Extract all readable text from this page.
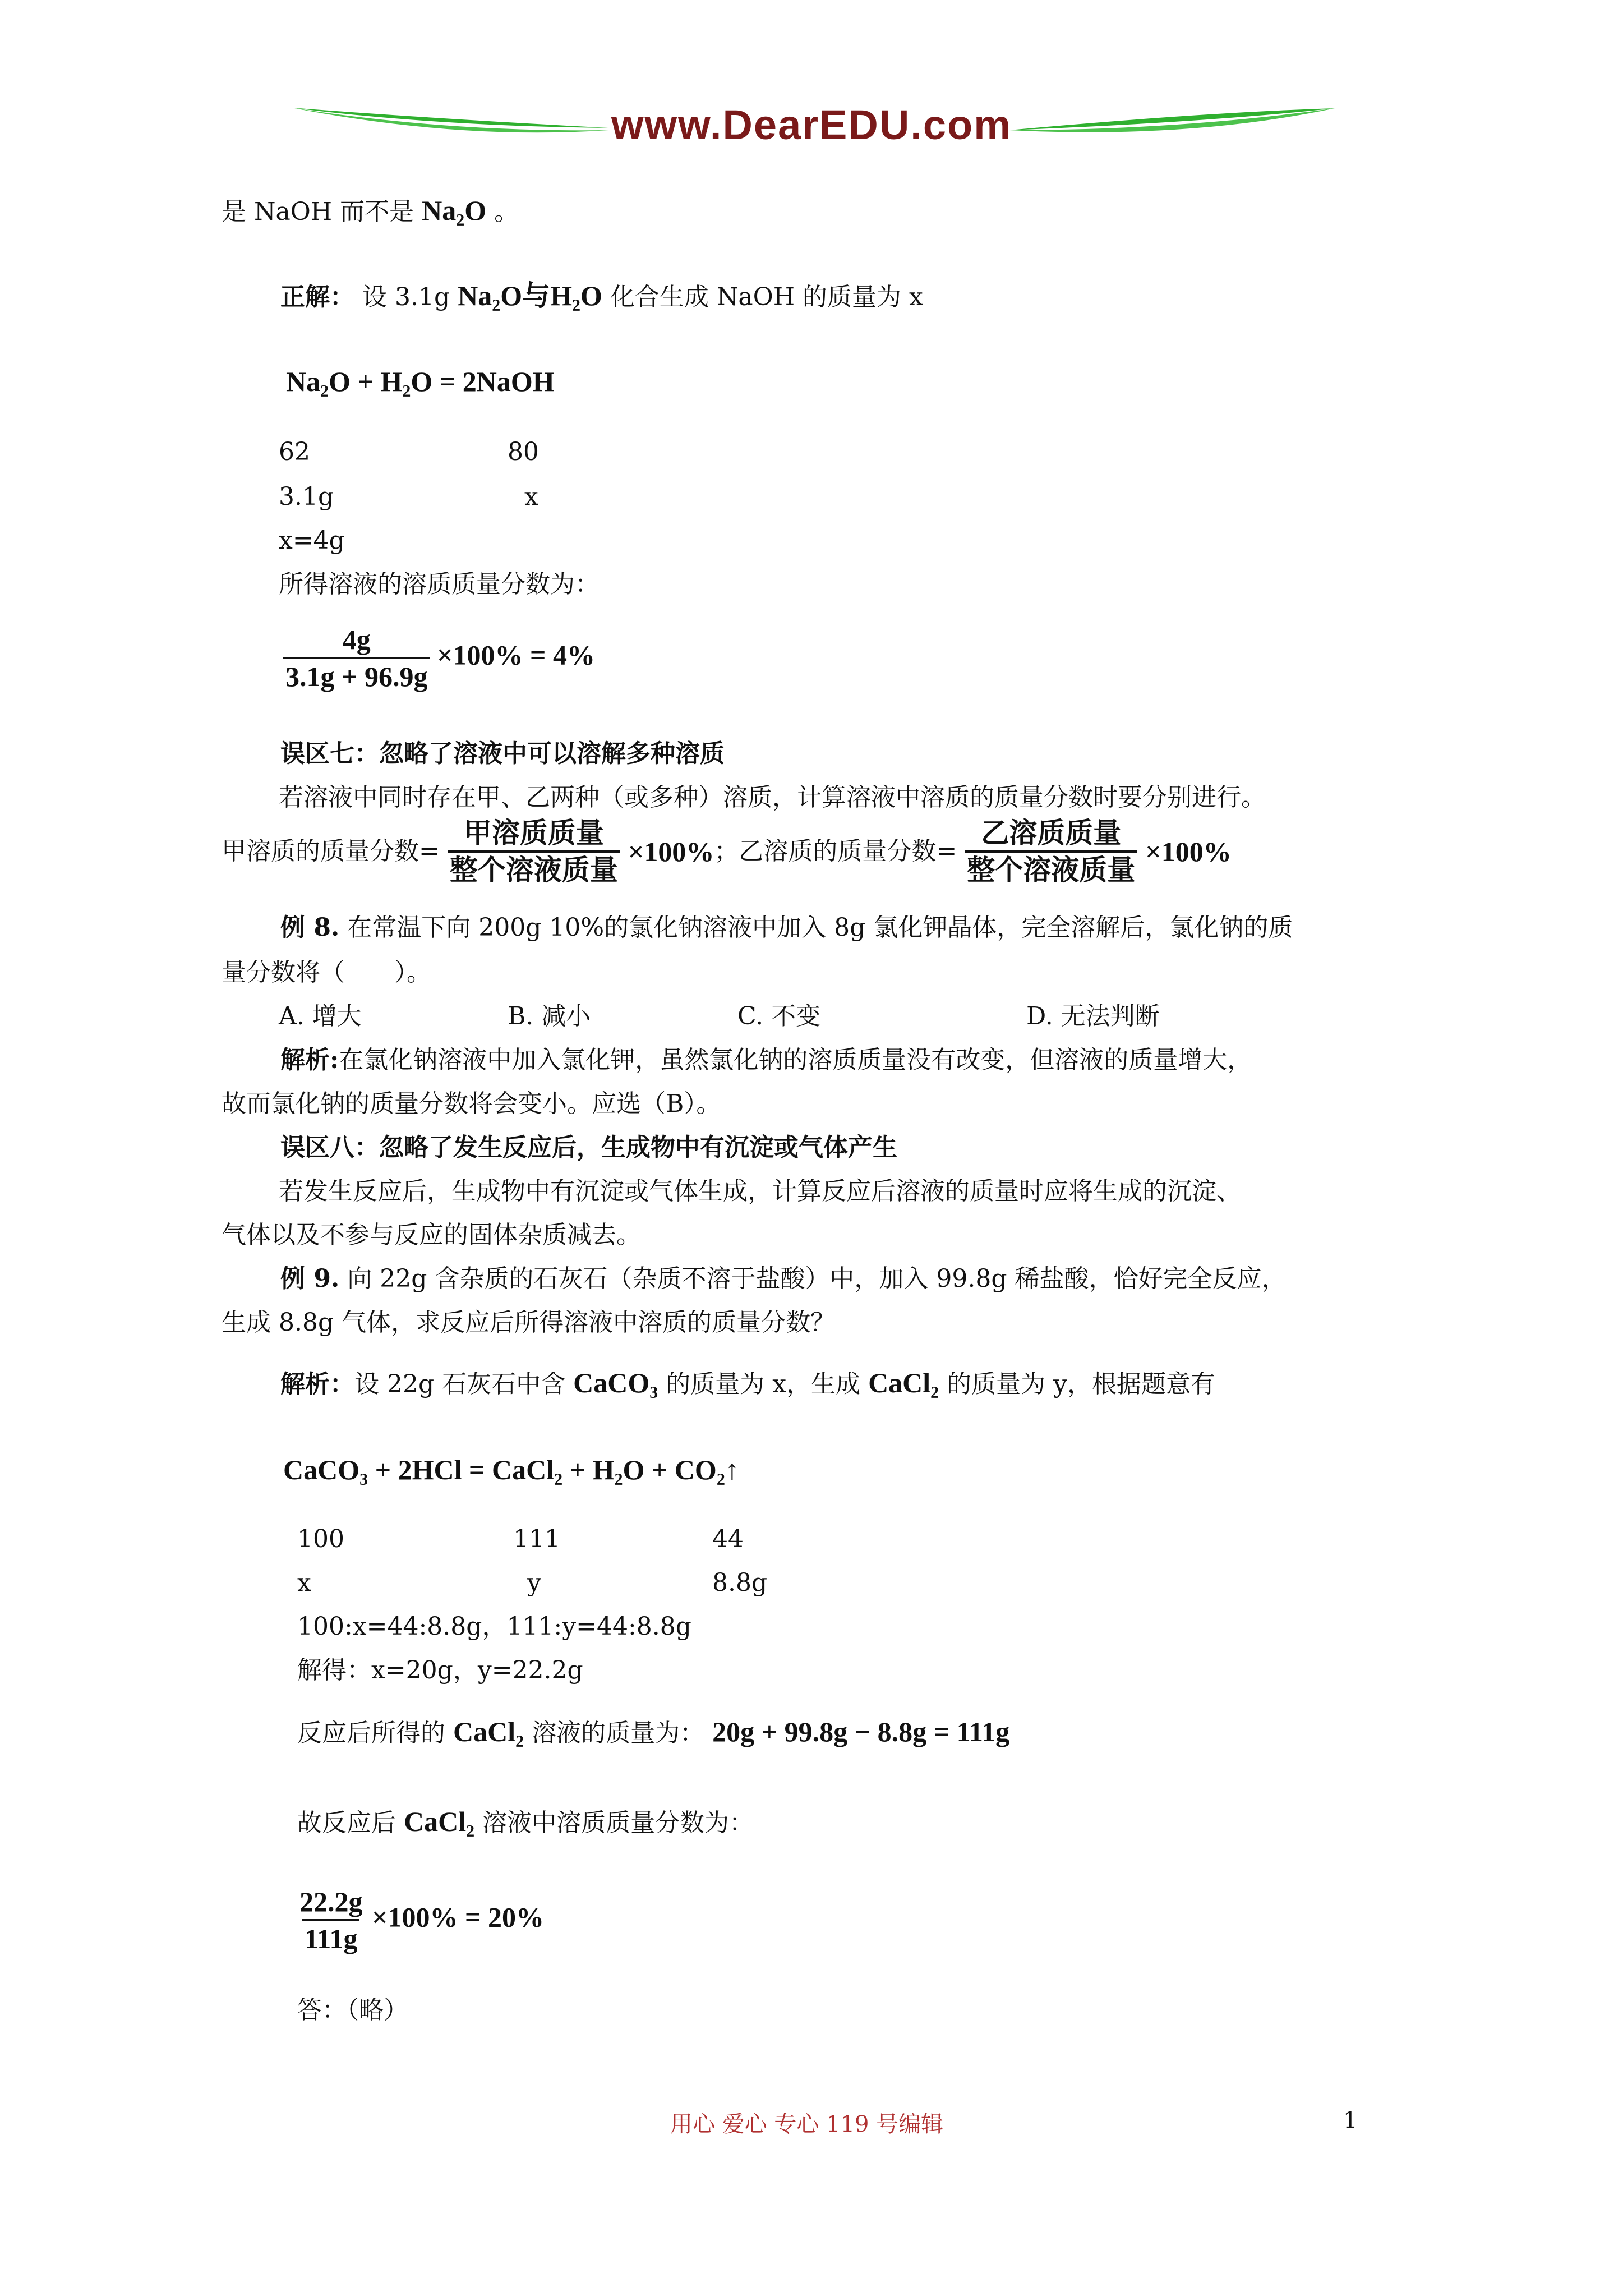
www.DearEDU.com
是 NaOH 而不是 Na₂O 。
正解： 设 3.1g Na₂O与H₂O 化合生成 NaOH 的质量为 x
Na₂O + H₂O = 2NaOH
62	80
3.1g	x
x=4g
所得溶液的溶质质量分数为：
$\frac{4g}{3.1g + 96.9g} \times 100\% = 4\%$
误区七：忽略了溶液中可以溶解多种溶质
若溶液中同时存在甲、乙两种（或多种）溶质，计算溶液中溶质的质量分数时要分别进行。
甲溶质的质量分数= $\frac{\text{甲溶质质量}}{\text{整个溶液质量}} \times 100\%$；乙溶质的质量分数= $\frac{\text{乙溶质质量}}{\text{整个溶液质量}} \times 100\%$
例 8. 在常温下向 200g 10%的氯化钠溶液中加入 8g 氯化钾晶体，完全溶解后，氯化钠的质
量分数将（　　）。
A. 增大	B. 减小	C. 不变	D. 无法判断
解析:在氯化钠溶液中加入氯化钾，虽然氯化钠的溶质质量没有改变，但溶液的质量增大，
故而氯化钠的质量分数将会变小。应选（B）。
误区八：忽略了发生反应后，生成物中有沉淀或气体产生
若发生反应后，生成物中有沉淀或气体生成，计算反应后溶液的质量时应将生成的沉淀、
气体以及不参与反应的固体杂质减去。
例 9. 向 22g 含杂质的石灰石（杂质不溶于盐酸）中，加入 99.8g 稀盐酸，恰好完全反应，
生成 8.8g 气体，求反应后所得溶液中溶质的质量分数？
解析：设 22g 石灰石中含 CaCO₃ 的质量为 x，生成 CaCl₂ 的质量为 y，根据题意有
CaCO₃ + 2HCl = CaCl₂ + H₂O + CO₂↑
100	111	44
x	y	8.8g
100:x=44:8.8g，111:y=44:8.8g
解得：x=20g，y=22.2g
反应后所得的 CaCl₂ 溶液的质量为： 20g + 99.8g − 8.8g = 111g
故反应后 CaCl₂ 溶液中溶质质量分数为：
$\frac{22.2g}{111g} \times 100\% = 20\%$
答：（略）
用心 爱心 专心 119 号编辑	1
